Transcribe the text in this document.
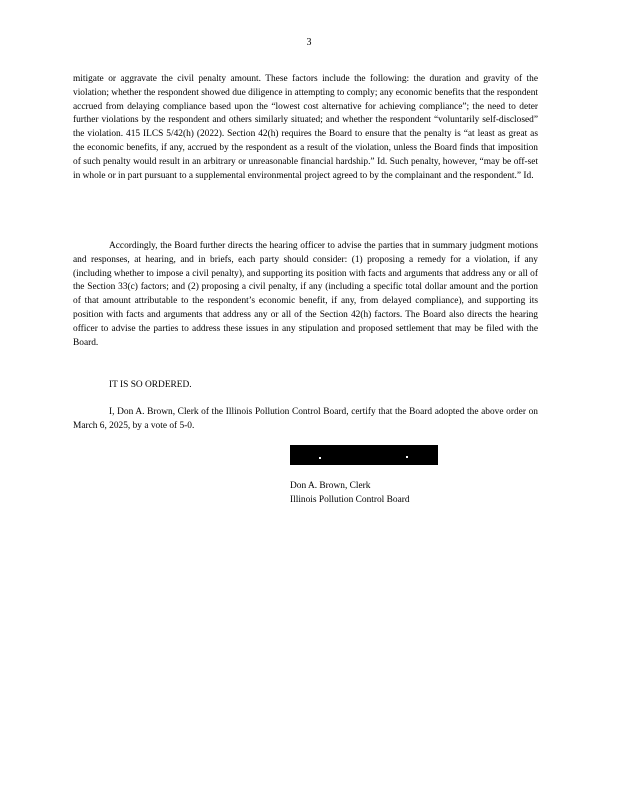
3
mitigate or aggravate the civil penalty amount. These factors include the following: the duration and gravity of the violation; whether the respondent showed due diligence in attempting to comply; any economic benefits that the respondent accrued from delaying compliance based upon the “lowest cost alternative for achieving compliance”; the need to deter further violations by the respondent and others similarly situated; and whether the respondent “voluntarily self-disclosed” the violation. 415 ILCS 5/42(h) (2022). Section 42(h) requires the Board to ensure that the penalty is “at least as great as the economic benefits, if any, accrued by the respondent as a result of the violation, unless the Board finds that imposition of such penalty would result in an arbitrary or unreasonable financial hardship.” Id. Such penalty, however, “may be off-set in whole or in part pursuant to a supplemental environmental project agreed to by the complainant and the respondent.” Id.
Accordingly, the Board further directs the hearing officer to advise the parties that in summary judgment motions and responses, at hearing, and in briefs, each party should consider: (1) proposing a remedy for a violation, if any (including whether to impose a civil penalty), and supporting its position with facts and arguments that address any or all of the Section 33(c) factors; and (2) proposing a civil penalty, if any (including a specific total dollar amount and the portion of that amount attributable to the respondent’s economic benefit, if any, from delayed compliance), and supporting its position with facts and arguments that address any or all of the Section 42(h) factors. The Board also directs the hearing officer to advise the parties to address these issues in any stipulation and proposed settlement that may be filed with the Board.
IT IS SO ORDERED.
I, Don A. Brown, Clerk of the Illinois Pollution Control Board, certify that the Board adopted the above order on March 6, 2025, by a vote of 5-0.
Don A. Brown, Clerk
Illinois Pollution Control Board
